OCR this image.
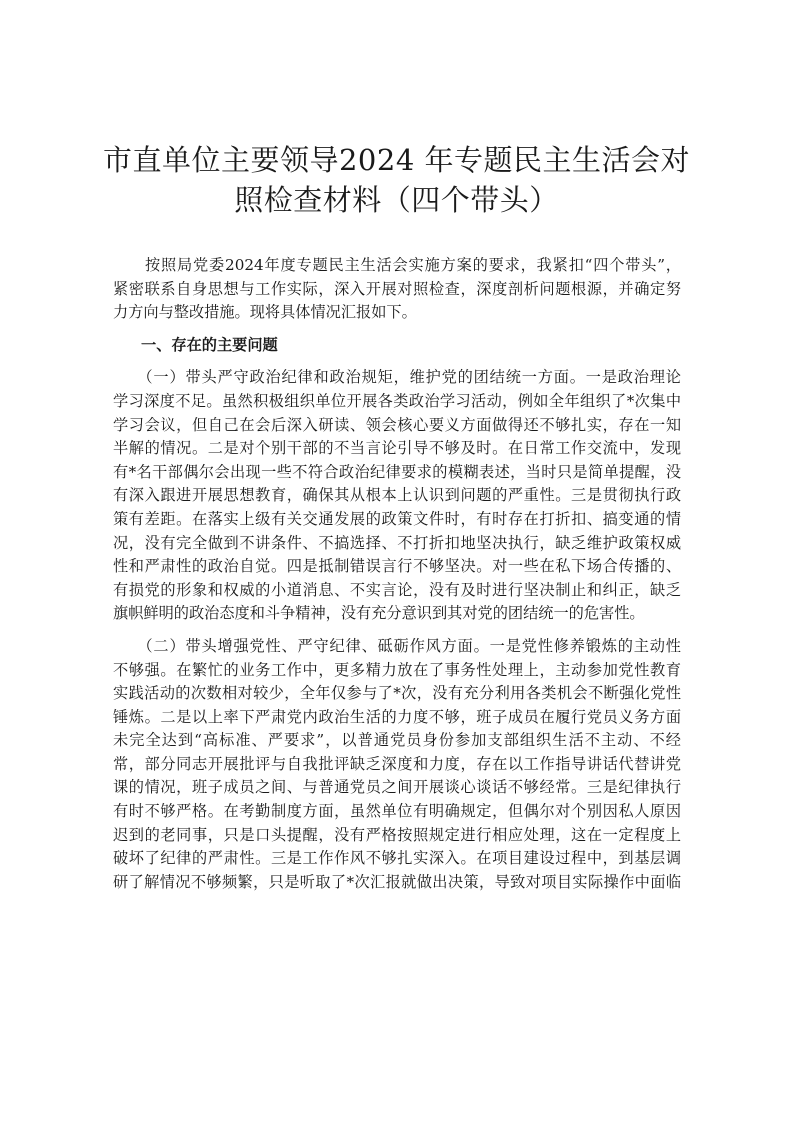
市直单位主要领导2024 年专题民主生活会对
照检查材料（四个带头）

　　按照局党委2024年度专题民主生活会实施方案的要求，我紧扣“四个带头”，
紧密联系自身思想与工作实际，深入开展对照检查，深度剖析问题根源，并确定努
力方向与整改措施。现将具体情况汇报如下。

一、存在的主要问题

　　（一）带头严守政治纪律和政治规矩，维护党的团结统一方面。一是政治理论
学习深度不足。虽然积极组织单位开展各类政治学习活动，例如全年组织了*次集中
学习会议，但自己在会后深入研读、领会核心要义方面做得还不够扎实，存在一知
半解的情况。二是对个别干部的不当言论引导不够及时。在日常工作交流中，发现
有*名干部偶尔会出现一些不符合政治纪律要求的模糊表述，当时只是简单提醒，没
有深入跟进开展思想教育，确保其从根本上认识到问题的严重性。三是贯彻执行政
策有差距。在落实上级有关交通发展的政策文件时，有时存在打折扣、搞变通的情
况，没有完全做到不讲条件、不搞选择、不打折扣地坚决执行，缺乏维护政策权威
性和严肃性的政治自觉。四是抵制错误言行不够坚决。对一些在私下场合传播的、
有损党的形象和权威的小道消息、不实言论，没有及时进行坚决制止和纠正，缺乏
旗帜鲜明的政治态度和斗争精神，没有充分意识到其对党的团结统一的危害性。

　　（二）带头增强党性、严守纪律、砥砺作风方面。一是党性修养锻炼的主动性
不够强。在繁忙的业务工作中，更多精力放在了事务性处理上，主动参加党性教育
实践活动的次数相对较少，全年仅参与了*次，没有充分利用各类机会不断强化党性
锤炼。二是以上率下严肃党内政治生活的力度不够，班子成员在履行党员义务方面
未完全达到“高标准、严要求”，以普通党员身份参加支部组织生活不主动、不经
常，部分同志开展批评与自我批评缺乏深度和力度，存在以工作指导讲话代替讲党
课的情况，班子成员之间、与普通党员之间开展谈心谈话不够经常。三是纪律执行
有时不够严格。在考勤制度方面，虽然单位有明确规定，但偶尔对个别因私人原因
迟到的老同事，只是口头提醒，没有严格按照规定进行相应处理，这在一定程度上
破坏了纪律的严肃性。三是工作作风不够扎实深入。在项目建设过程中，到基层调
研了解情况不够频繁，只是听取了*次汇报就做出决策，导致对项目实际操作中面临
